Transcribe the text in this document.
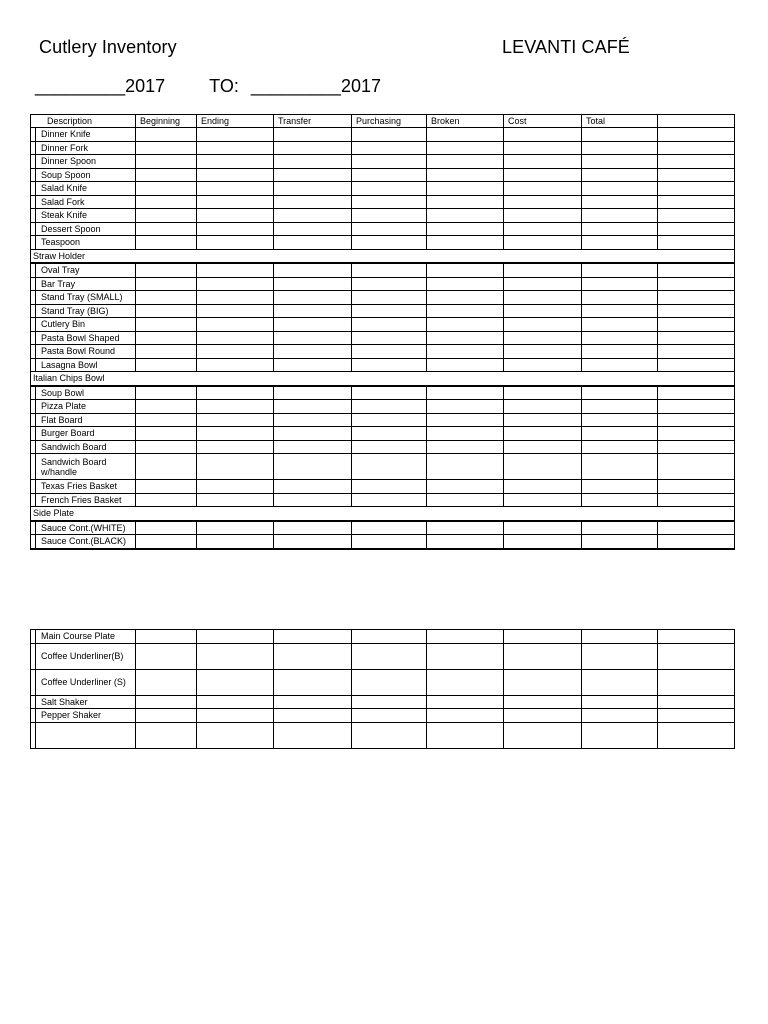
Cutlery Inventory	LEVANTI CAFÉ
_________ 2017 TO: _________ 2017
Description		Beginning	Ending	Transfer	Purchasing	Broken	Cost	Total	
	Dinner Knife								
	Dinner Fork								
	Dinner Spoon								
	Soup Spoon								
	Salad Knife								
	Salad Fork								
	Steak Knife								
	Dessert Spoon								
	Teaspoon								
Straw Holder									
	Oval Tray								
	Bar Tray								
	Stand Tray (SMALL)								
	Stand Tray (BIG)								
	Cutlery Bin								
	Pasta Bowl Shaped								
	Pasta Bowl Round								
	Lasagna Bowl								
Italian Chips Bowl									
	Soup Bowl								
	Pizza Plate								
	Flat Board								
	Burger Board								
	Sandwich Board								
	Sandwich Board w/handle								
	Texas Fries Basket								
	French Fries Basket								
Side Plate									
	Sauce Cont.(WHITE)								
	Sauce Cont.(BLACK)								
	Main Course Plate								
	Coffee Underliner(B)								
	Coffee Underliner (S)								
	Salt Shaker								
	Pepper Shaker								
